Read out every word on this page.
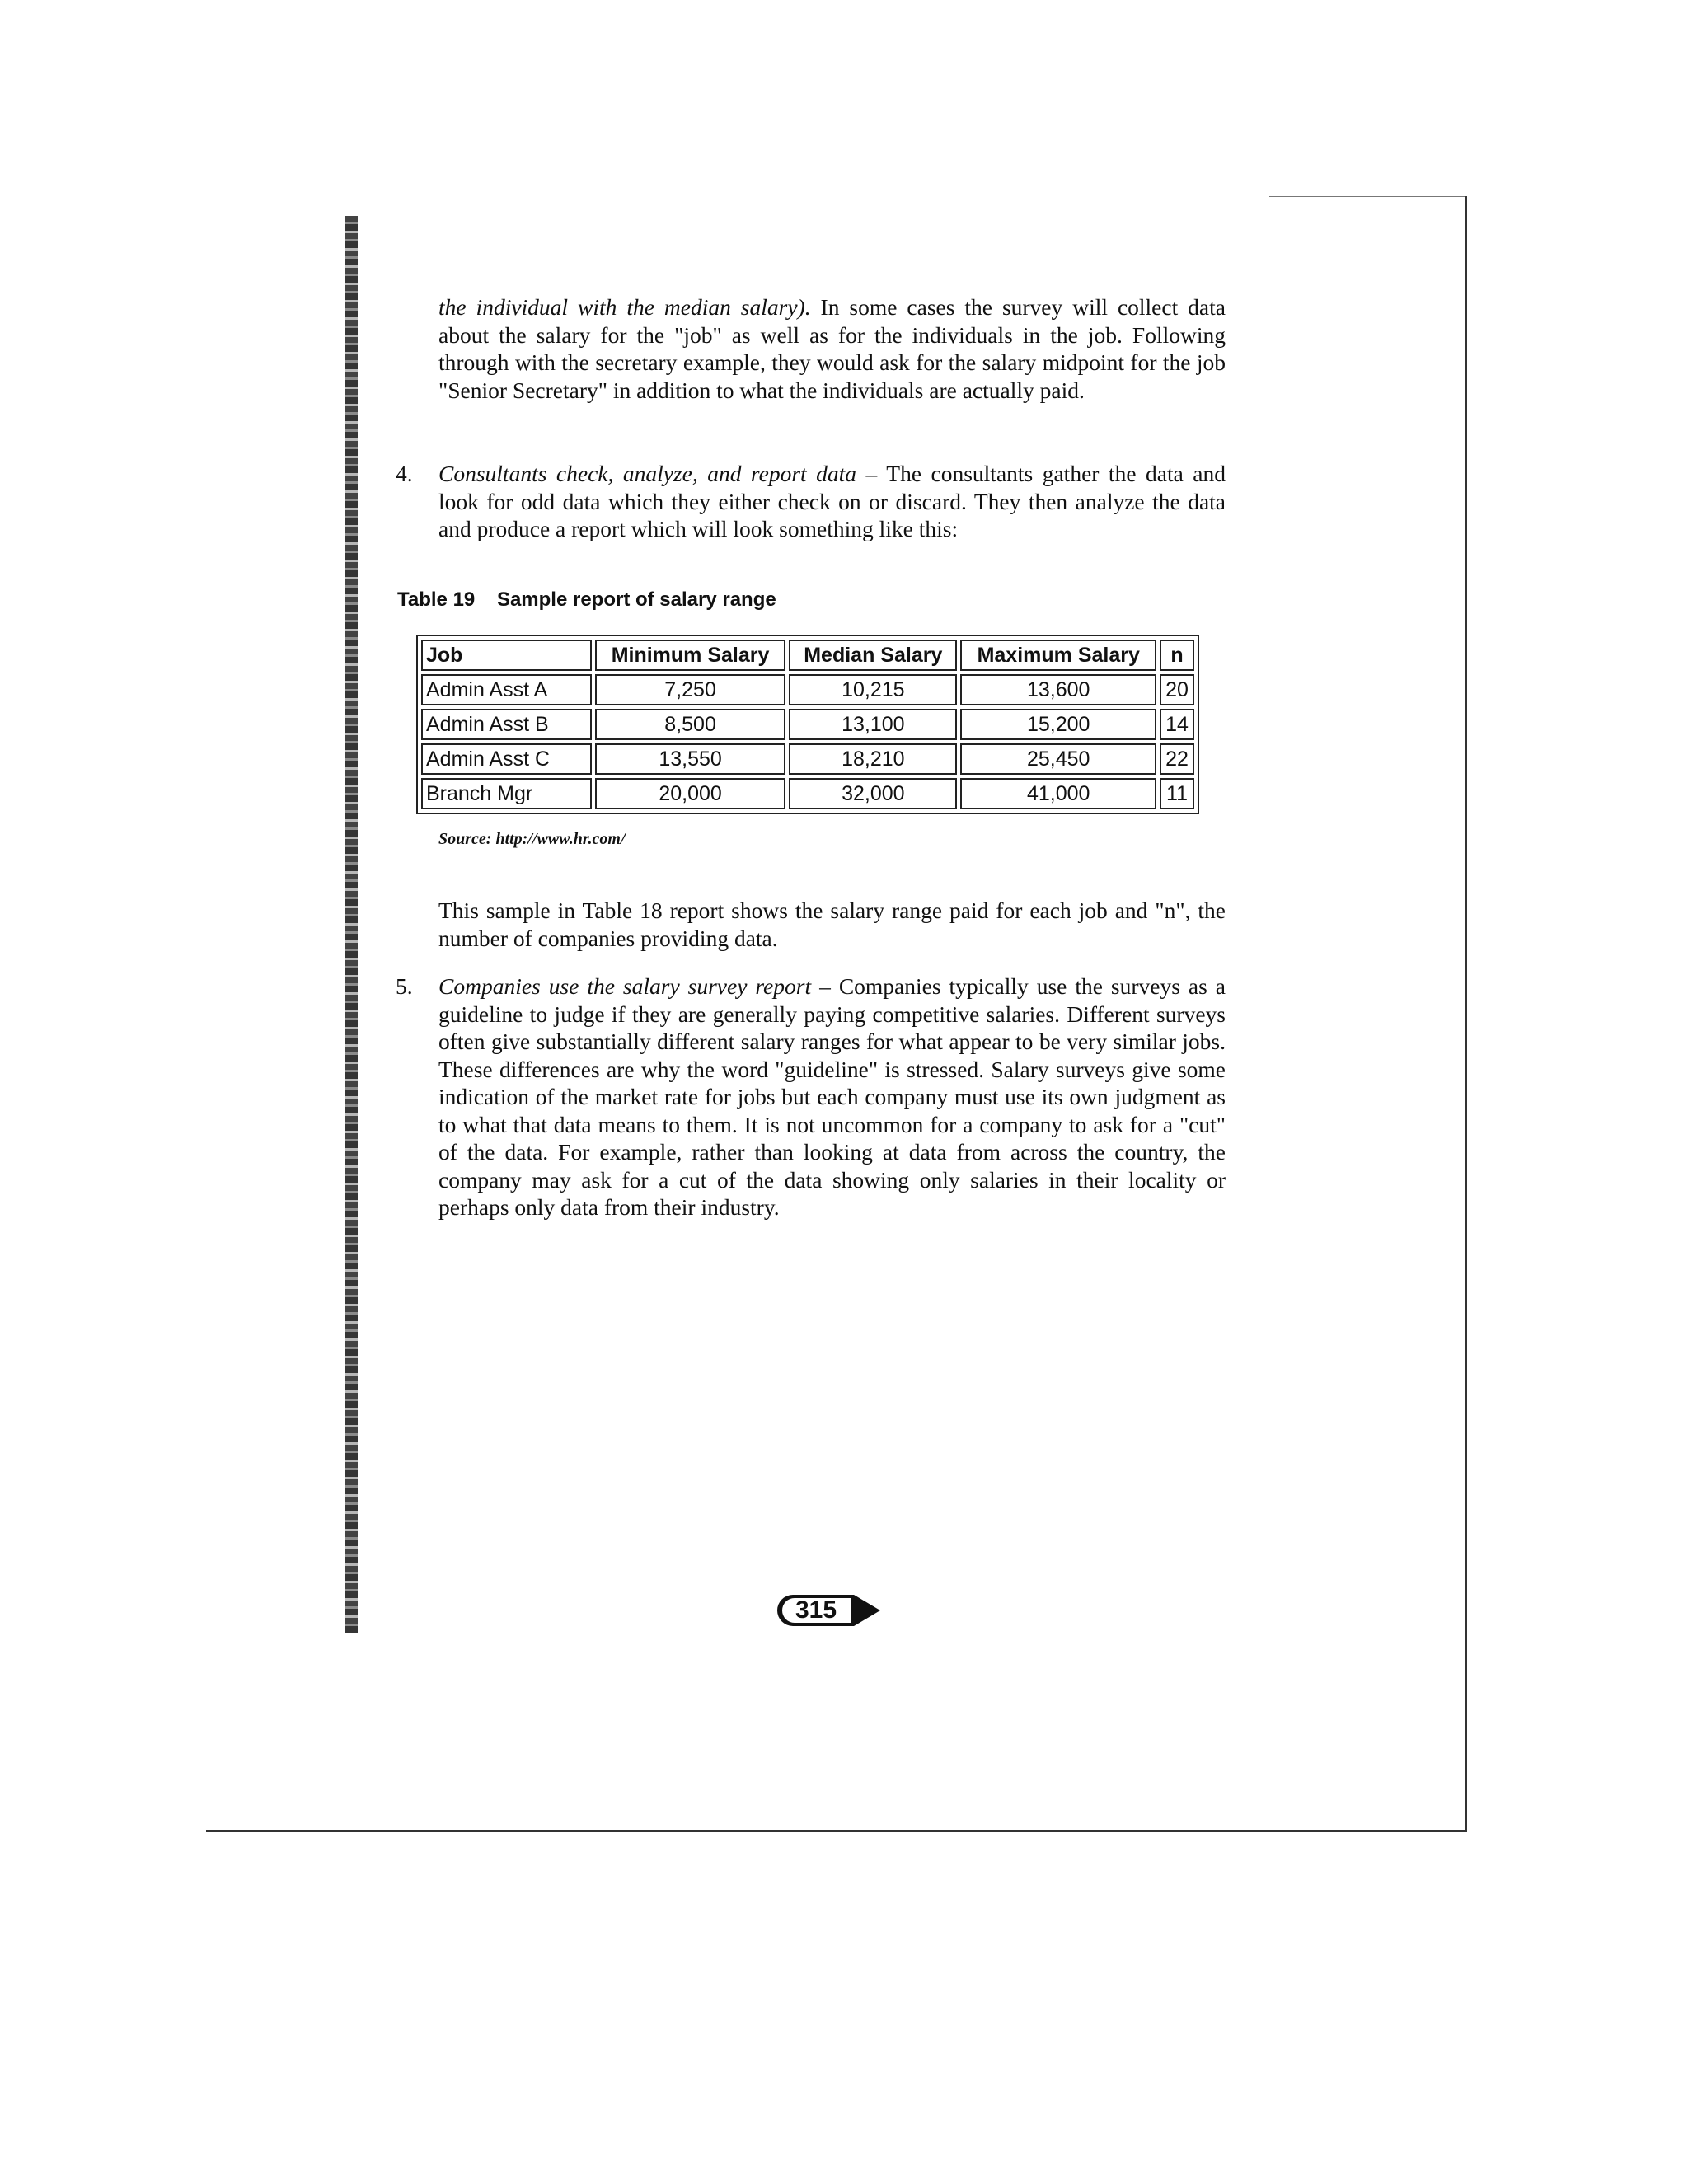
the individual with the median salary). In some cases the survey will collect data about the salary for the "job" as well as for the individuals in the job. Following through with the secretary example, they would ask for the salary midpoint for the job "Senior Secretary" in addition to what the individuals are actually paid.

4. Consultants check, analyze, and report data – The consultants gather the data and look for odd data which they either check on or discard. They then analyze the data and produce a report which will look something like this:

Table 19 Sample report of salary range
Job	Minimum Salary	Median Salary	Maximum Salary	n
Admin Asst A	7,250	10,215	13,600	20
Admin Asst B	8,500	13,100	15,200	14
Admin Asst C	13,550	18,210	25,450	22
Branch Mgr	20,000	32,000	41,000	11
Source: http://www.hr.com/

This sample in Table 18 report shows the salary range paid for each job and "n", the number of companies providing data.

5. Companies use the salary survey report – Companies typically use the surveys as a guideline to judge if they are generally paying competitive salaries. Different surveys often give substantially different salary ranges for what appear to be very similar jobs. These differences are why the word "guideline" is stressed. Salary surveys give some indication of the market rate for jobs but each company must use its own judgment as to what that data means to them. It is not uncommon for a company to ask for a "cut" of the data. For example, rather than looking at data from across the country, the company may ask for a cut of the data showing only salaries in their locality or perhaps only data from their industry.

315
